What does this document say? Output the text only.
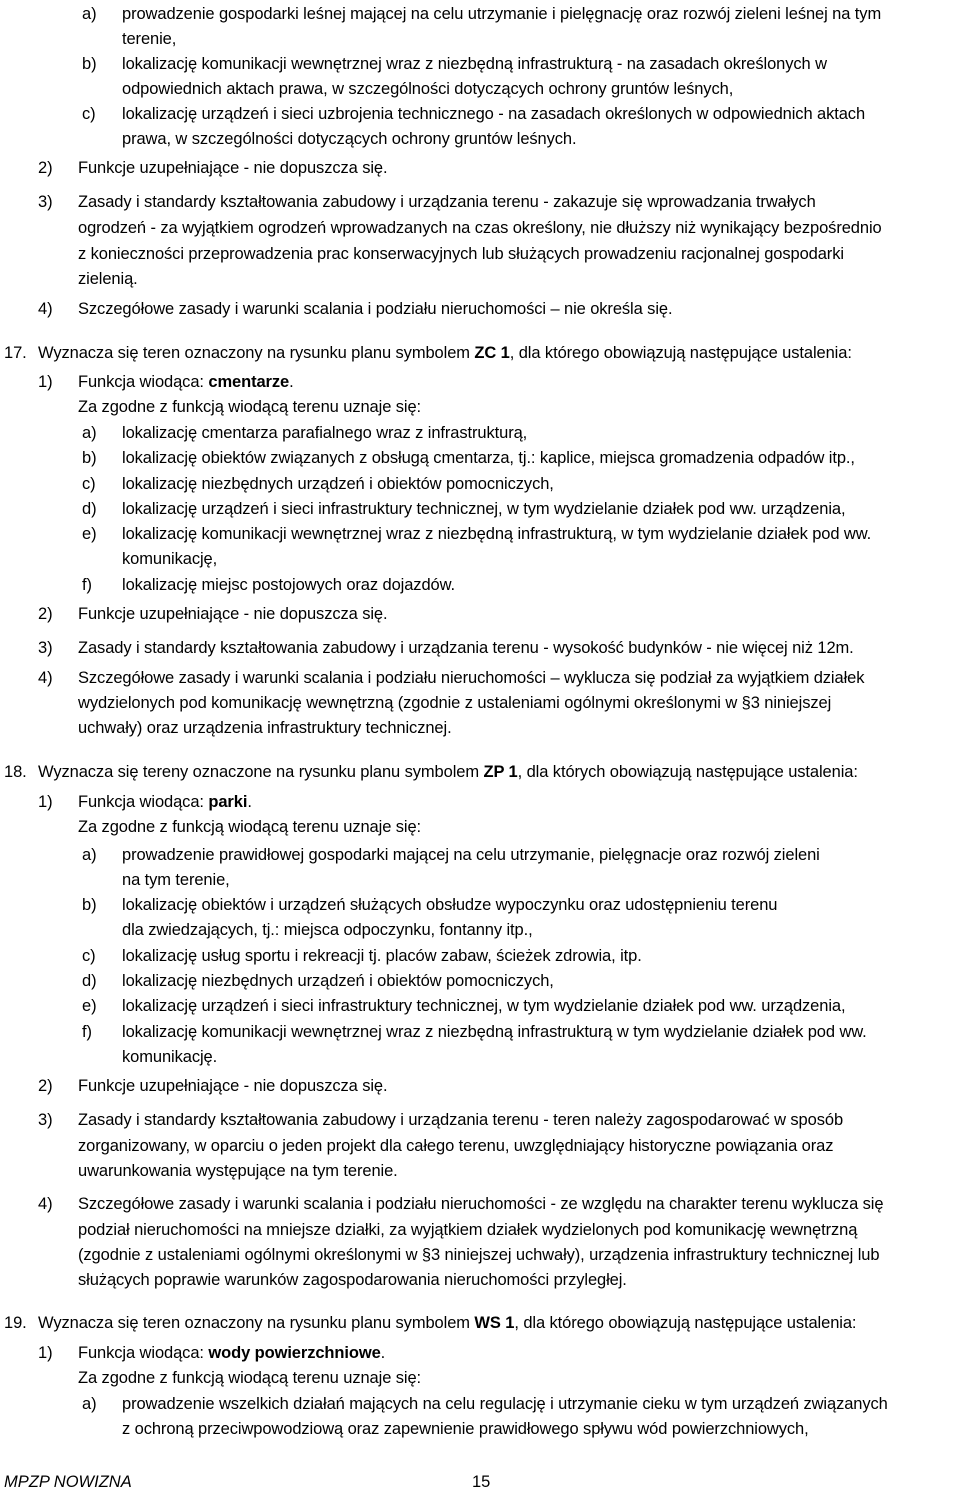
a) prowadzenie gospodarki leśnej mającej na celu utrzymanie i pielęgnację oraz rozwój zieleni leśnej na tym
terenie,
b) lokalizację komunikacji wewnętrznej wraz z niezbędną infrastrukturą - na zasadach określonych w
odpowiednich aktach prawa, w szczególności dotyczących ochrony gruntów leśnych,
c) lokalizację urządzeń i sieci uzbrojenia technicznego - na zasadach określonych w odpowiednich aktach
prawa, w szczególności dotyczących ochrony gruntów leśnych.
2) Funkcje uzupełniające - nie dopuszcza się.
3) Zasady i standardy kształtowania zabudowy i urządzania terenu - zakazuje się wprowadzania trwałych
ogrodzeń - za wyjątkiem ogrodzeń wprowadzanych na czas określony, nie dłuższy niż wynikający bezpośrednio
z konieczności przeprowadzenia prac konserwacyjnych lub służących prowadzeniu racjonalnej gospodarki
zielenią.
4) Szczegółowe zasady i warunki scalania i podziału nieruchomości – nie określa się.
17. Wyznacza się teren oznaczony na rysunku planu symbolem ZC 1, dla którego obowiązują następujące ustalenia:
1) Funkcja wiodąca: cmentarze.
Za zgodne z funkcją wiodącą terenu uznaje się:
a) lokalizację cmentarza parafialnego wraz z infrastrukturą,
b) lokalizację obiektów związanych z obsługą cmentarza, tj.: kaplice, miejsca gromadzenia odpadów itp.,
c) lokalizację niezbędnych urządzeń i obiektów pomocniczych,
d) lokalizację urządzeń i sieci infrastruktury technicznej, w tym wydzielanie działek pod ww. urządzenia,
e) lokalizację komunikacji wewnętrznej wraz z niezbędną infrastrukturą, w tym wydzielanie działek pod ww.
komunikację,
f) lokalizację miejsc postojowych oraz dojazdów.
2) Funkcje uzupełniające - nie dopuszcza się.
3) Zasady i standardy kształtowania zabudowy i urządzania terenu - wysokość budynków - nie więcej niż 12m.
4) Szczegółowe zasady i warunki scalania i podziału nieruchomości – wyklucza się podział za wyjątkiem działek
wydzielonych pod komunikację wewnętrzną (zgodnie z ustaleniami ogólnymi określonymi w §3 niniejszej
uchwały) oraz urządzenia infrastruktury technicznej.
18. Wyznacza się tereny oznaczone na rysunku planu symbolem ZP 1, dla których obowiązują następujące ustalenia:
1) Funkcja wiodąca: parki.
Za zgodne z funkcją wiodącą terenu uznaje się:
a) prowadzenie prawidłowej gospodarki mającej na celu utrzymanie, pielęgnacje oraz rozwój zieleni
na tym terenie,
b) lokalizację obiektów i urządzeń służących obsłudze wypoczynku oraz udostępnieniu terenu
dla zwiedzających, tj.: miejsca odpoczynku, fontanny itp.,
c) lokalizację usług sportu i rekreacji tj. placów zabaw, ścieżek zdrowia, itp.
d) lokalizację niezbędnych urządzeń i obiektów pomocniczych,
e) lokalizację urządzeń i sieci infrastruktury technicznej, w tym wydzielanie działek pod ww. urządzenia,
f) lokalizację komunikacji wewnętrznej wraz z niezbędną infrastrukturą w tym wydzielanie działek pod ww.
komunikację.
2) Funkcje uzupełniające - nie dopuszcza się.
3) Zasady i standardy kształtowania zabudowy i urządzania terenu - teren należy zagospodarować w sposób
zorganizowany, w oparciu o jeden projekt dla całego terenu, uwzględniający historyczne powiązania oraz
uwarunkowania występujące na tym terenie.
4) Szczegółowe zasady i warunki scalania i podziału nieruchomości - ze względu na charakter terenu wyklucza się
podział nieruchomości na mniejsze działki, za wyjątkiem działek wydzielonych pod komunikację wewnętrzną
(zgodnie z ustaleniami ogólnymi określonymi w §3 niniejszej uchwały), urządzenia infrastruktury technicznej lub
służących poprawie warunków zagospodarowania nieruchomości przyległej.
19. Wyznacza się teren oznaczony na rysunku planu symbolem WS 1, dla którego obowiązują następujące ustalenia:
1) Funkcja wiodąca: wody powierzchniowe.
Za zgodne z funkcją wiodącą terenu uznaje się:
a) prowadzenie wszelkich działań mających na celu regulację i utrzymanie cieku w tym urządzeń związanych
z ochroną przeciwpowodziową oraz zapewnienie prawidłowego spływu wód powierzchniowych,
MPZP NOWIZNA	15
